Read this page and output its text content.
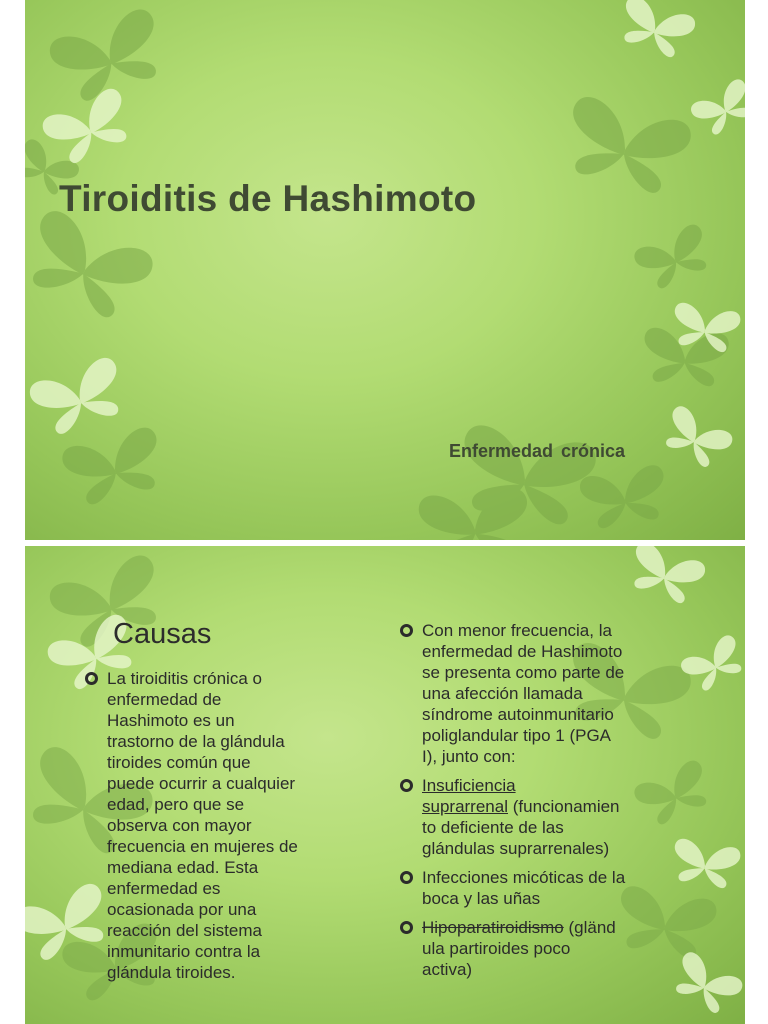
Tiroiditis de Hashimoto
Enfermedad crónica
Causas

La tiroiditis crónica o
enfermedad de
Hashimoto es un
trastorno de la glándula
tiroides común que
puede ocurrir a cualquier
edad, pero que se
observa con mayor
frecuencia en mujeres de
mediana edad. Esta
enfermedad es
ocasionada por una
reacción del sistema
inmunitario contra la
glándula tiroides.

Con menor frecuencia, la
enfermedad de Hashimoto
se presenta como parte de
una afección llamada
síndrome autoinmunitario
poliglandular tipo 1 (PGA
I), junto con:

Insuficiencia
suprarrenal (funcionamien
to deficiente de las
glándulas suprarrenales)

Infecciones micóticas de la
boca y las uñas

Hipoparatiroidismo (gländ
ula partiroides poco
activa)
